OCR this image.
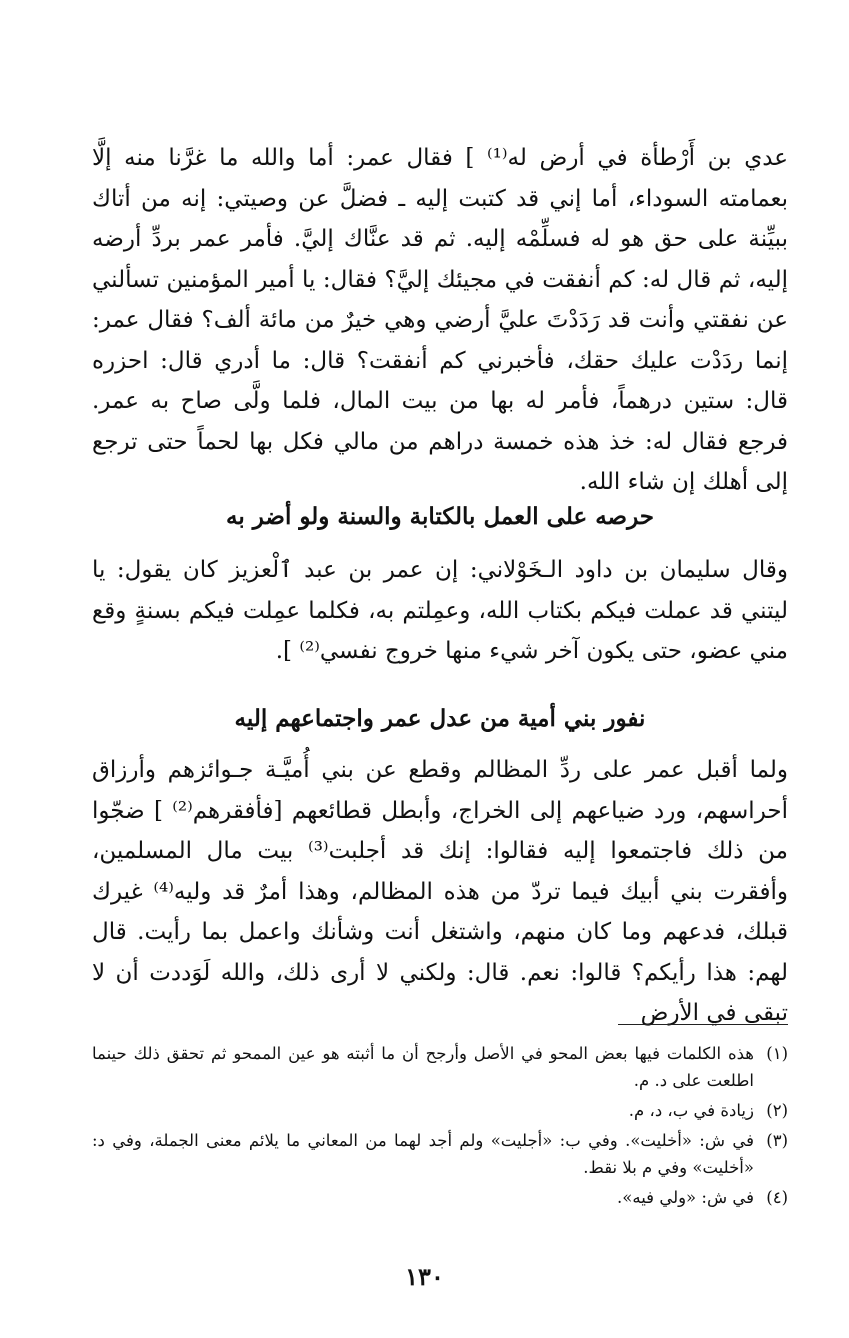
عدي بن أَرْطأة في أرض له⁽¹⁾ ] فقال عمر: أما والله ما غرَّنا منه إلَّا بعمامته السوداء، أما إني قد كتبت إليه ـ فضلَّ عن وصيتي: إنه من أتاك ببيِّنة على حق هو له فسلِّمْه إليه. ثم قد عنَّاك إليَّ. فأمر عمر بردِّ أرضه إليه، ثم قال له: كم أنفقت في مجيئك إليَّ؟ فقال: يا أمير المؤمنين تسألني عن نفقتي وأنت قد رَدَدْتَ عليَّ أرضي وهي خيرٌ من مائة ألف؟ فقال عمر: إنما ردَدْت عليك حقك، فأخبرني كم أنفقت؟ قال: ما أدري قال: احزره قال: ستين درهماً، فأمر له بها من بيت المال، فلما ولَّى صاح به عمر. فرجع فقال له: خذ هذه خمسة دراهم من مالي فكل بها لحماً حتى ترجع إلى أهلك إن شاء الله.

حرصه على العمل بالكتابة والسنة ولو أضر به

وقال سليمان بن داود الـخَوْلاني: إن عمر بن عبد ٱلْعزيز كان يقول: يا ليتني قد عملت فيكم بكتاب الله، وعمِلتم به، فكلما عمِلت فيكم بسنةٍ وقع مني عضو، حتى يكون آخر شيء منها خروج نفسي⁽²⁾ ].

نفور بني أمية من عدل عمر واجتماعهم إليه

ولما أقبل عمر على ردِّ المظالم وقطع عن بني أُميَّـة جـوائزهم وأرزاق أحراسهم، ورد ضياعهم إلى الخراج، وأبطل قطائعهم [فأفقرهم⁽²⁾ ] ضجّوا من ذلك فاجتمعوا إليه فقالوا: إنك قد أجلبت⁽³⁾ بيت مال المسلمين، وأفقرت بني أبيك فيما تردّ من هذه المظالم، وهذا أمرٌ قد وليه⁽⁴⁾ غيرك قبلك، فدعهم وما كان منهم، واشتغل أنت وشأنك واعمل بما رأيت. قال لهم: هذا رأيكم؟ قالوا: نعم. قال: ولكني لا أرى ذلك، والله لَوَددت أن لا تبقى في الأرض

(١)
هذه الكلمات فيها بعض المحو في الأصل وأرجح أن ما أثبته هو عين الممحو ثم تحقق ذلك حينما اطلعت على د. م.
(٢)
زيادة في ب، د، م.
(٣)
في ش: «أخليت». وفي ب: «أجليت» ولم أجد لهما من المعاني ما يلائم معنى الجملة، وفي د: «أخليت» وفي م بلا نقط.
(٤)
في ش: «ولي فيه».
١٣٠
